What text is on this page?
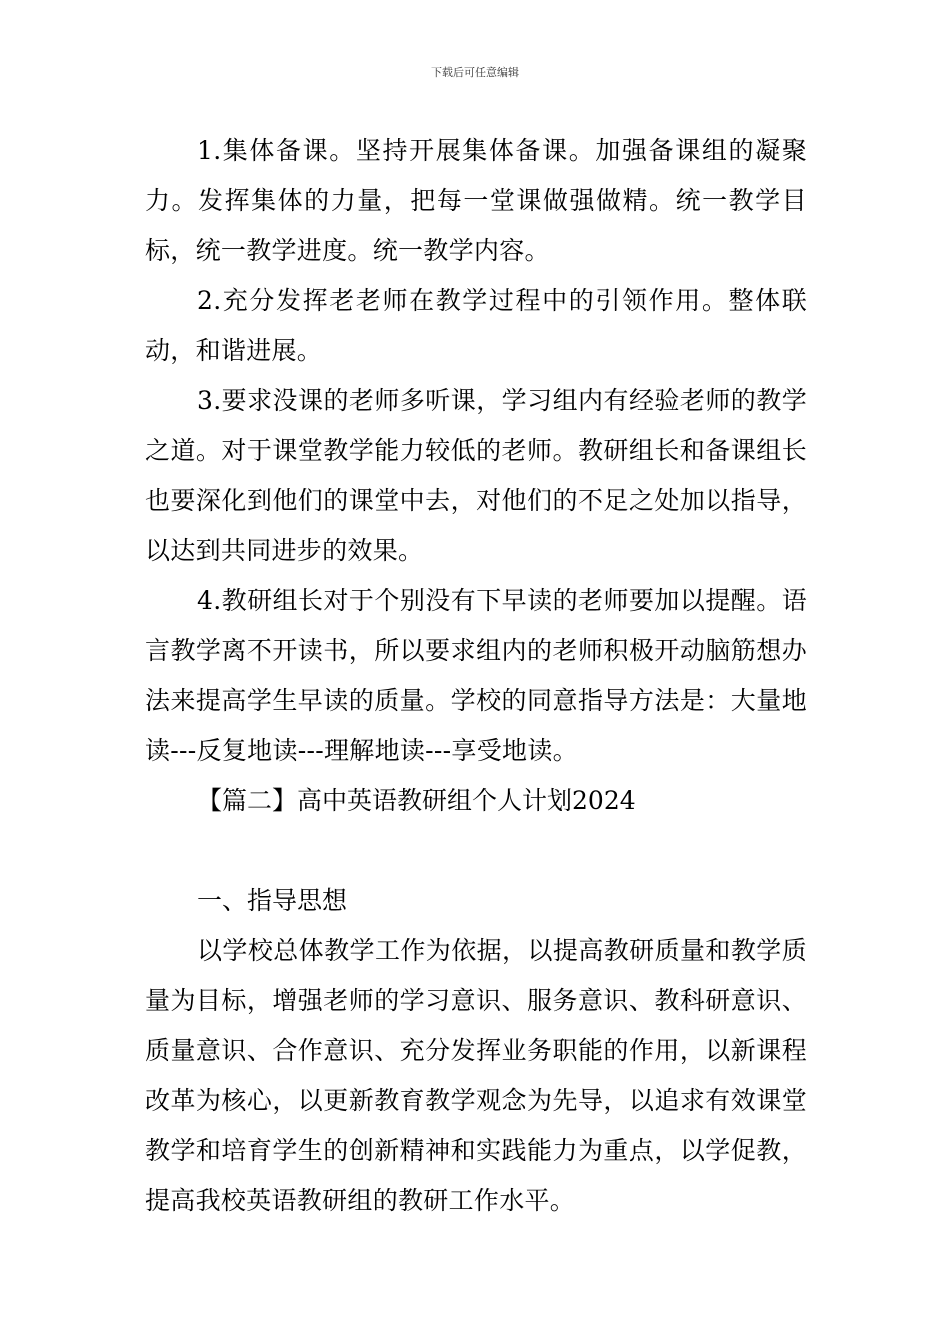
下载后可任意编辑

1.集体备课。坚持开展集体备课。加强备课组的凝聚力。发挥集体的力量，把每一堂课做强做精。统一教学目标，统一教学进度。统一教学内容。

2.充分发挥老老师在教学过程中的引领作用。整体联动，和谐进展。

3.要求没课的老师多听课，学习组内有经验老师的教学之道。对于课堂教学能力较低的老师。教研组长和备课组长也要深化到他们的课堂中去，对他们的不足之处加以指导，以达到共同进步的效果。

4.教研组长对于个别没有下早读的老师要加以提醒。语言教学离不开读书，所以要求组内的老师积极开动脑筋想办法来提高学生早读的质量。学校的同意指导方法是：大量地读---反复地读---理解地读---享受地读。

【篇二】高中英语教研组个人计划2024

一、指导思想

以学校总体教学工作为依据，以提高教研质量和教学质量为目标，增强老师的学习意识、服务意识、教科研意识、质量意识、合作意识、充分发挥业务职能的作用，以新课程改革为核心，以更新教育教学观念为先导，以追求有效课堂教学和培育学生的创新精神和实践能力为重点，以学促教，提高我校英语教研组的教研工作水平。
